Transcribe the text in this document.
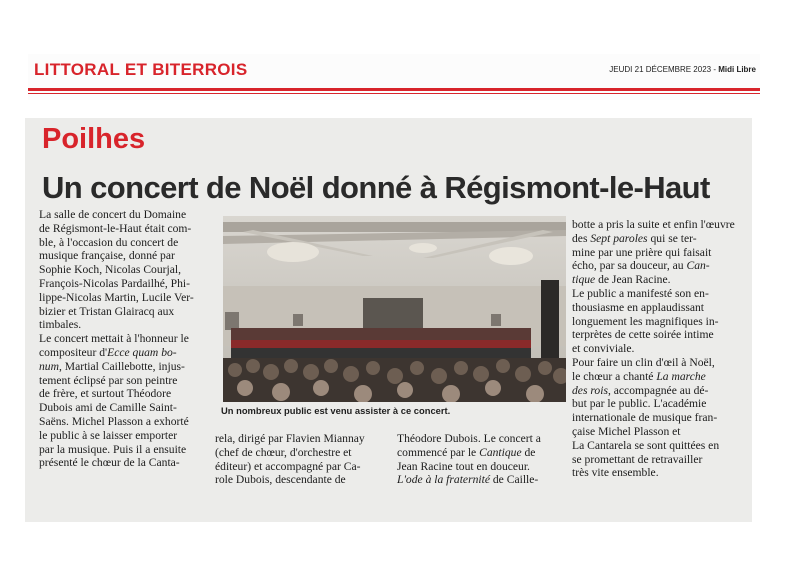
LITTORAL ET BITERROIS	JEUDI 21 DÉCEMBRE 2023 - Midi Libre
Poilhes
Un concert de Noël donné à Régismont-le-Haut
La salle de concert du Domaine
de Régismont-le-Haut était com-
ble, à l'occasion du concert de
musique française, donné par
Sophie Koch, Nicolas Courjal,
François-Nicolas Pardailhé, Phi-
lippe-Nicolas Martin, Lucile Ver-
bizier et Tristan Glairacq aux
timbales.
Le concert mettait à l'honneur le
compositeur d'Ecce quam bo-
num, Martial Caillebotte, injus-
tement éclipsé par son peintre
de frère, et surtout Théodore
Dubois ami de Camille Saint-
Saëns. Michel Plasson a exhorté
le public à se laisser emporter
par la musique. Puis il a ensuite
présenté le chœur de la Canta-
Un nombreux public est venu assister à ce concert.
rela, dirigé par Flavien Miannay
(chef de chœur, d'orchestre et
éditeur) et accompagné par Ca-
role Dubois, descendante de
Théodore Dubois. Le concert a
commencé par le Cantique de
Jean Racine tout en douceur.
L'ode à la fraternité de Caille-
botte a pris la suite et enfin l'œuvre
des Sept paroles qui se ter-
mine par une prière qui faisait
écho, par sa douceur, au Can-
tique de Jean Racine.
Le public a manifesté son en-
thousiasme en applaudissant
longuement les magnifiques in-
terprètes de cette soirée intime
et conviviale.
Pour faire un clin d'œil à Noël,
le chœur a chanté La marche
des rois, accompagnée au dé-
but par le public. L'académie
internationale de musique fran-
çaise Michel Plasson et
La Cantarela se sont quittées en
se promettant de retravailler
très vite ensemble.
